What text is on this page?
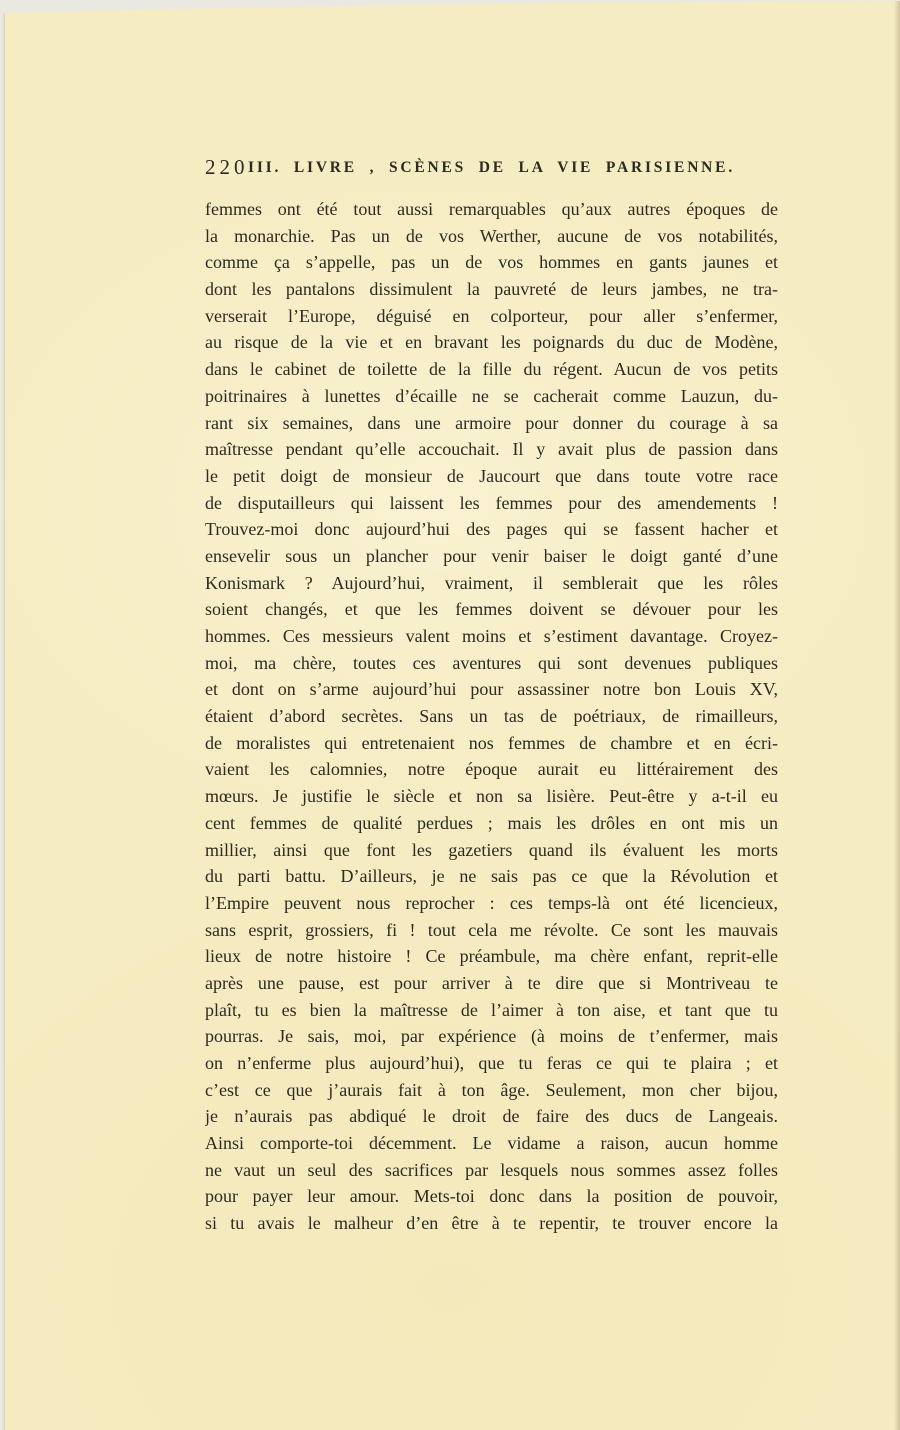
220 III. LIVRE , SCÈNES DE LA VIE PARISIENNE.
femmes ont été tout aussi remarquables qu’aux autres époques de
la monarchie. Pas un de vos Werther, aucune de vos notabilités,
comme ça s’appelle, pas un de vos hommes en gants jaunes et
dont les pantalons dissimulent la pauvreté de leurs jambes, ne tra-
verserait l’Europe, déguisé en colporteur, pour aller s’enfermer,
au risque de la vie et en bravant les poignards du duc de Modène,
dans le cabinet de toilette de la fille du régent. Aucun de vos petits
poitrinaires à lunettes d’écaille ne se cacherait comme Lauzun, du-
rant six semaines, dans une armoire pour donner du courage à sa
maîtresse pendant qu’elle accouchait. Il y avait plus de passion dans
le petit doigt de monsieur de Jaucourt que dans toute votre race
de disputailleurs qui laissent les femmes pour des amendements !
Trouvez-moi donc aujourd’hui des pages qui se fassent hacher et
ensevelir sous un plancher pour venir baiser le doigt ganté d’une
Konismark ? Aujourd’hui, vraiment, il semblerait que les rôles
soient changés, et que les femmes doivent se dévouer pour les
hommes. Ces messieurs valent moins et s’estiment davantage. Croyez-
moi, ma chère, toutes ces aventures qui sont devenues publiques
et dont on s’arme aujourd’hui pour assassiner notre bon Louis XV,
étaient d’abord secrètes. Sans un tas de poétriaux, de rimailleurs,
de moralistes qui entretenaient nos femmes de chambre et en écri-
vaient les calomnies, notre époque aurait eu littérairement des
mœurs. Je justifie le siècle et non sa lisière. Peut-être y a-t-il eu
cent femmes de qualité perdues ; mais les drôles en ont mis un
millier, ainsi que font les gazetiers quand ils évaluent les morts
du parti battu. D’ailleurs, je ne sais pas ce que la Révolution et
l’Empire peuvent nous reprocher : ces temps-là ont été licencieux,
sans esprit, grossiers, fi ! tout cela me révolte. Ce sont les mauvais
lieux de notre histoire ! Ce préambule, ma chère enfant, reprit-elle
après une pause, est pour arriver à te dire que si Montriveau te
plaît, tu es bien la maîtresse de l’aimer à ton aise, et tant que tu
pourras. Je sais, moi, par expérience (à moins de t’enfermer, mais
on n’enferme plus aujourd’hui), que tu feras ce qui te plaira ; et
c’est ce que j’aurais fait à ton âge. Seulement, mon cher bijou,
je n’aurais pas abdiqué le droit de faire des ducs de Langeais.
Ainsi comporte-toi décemment. Le vidame a raison, aucun homme
ne vaut un seul des sacrifices par lesquels nous sommes assez folles
pour payer leur amour. Mets-toi donc dans la position de pouvoir,
si tu avais le malheur d’en être à te repentir, te trouver encore la
